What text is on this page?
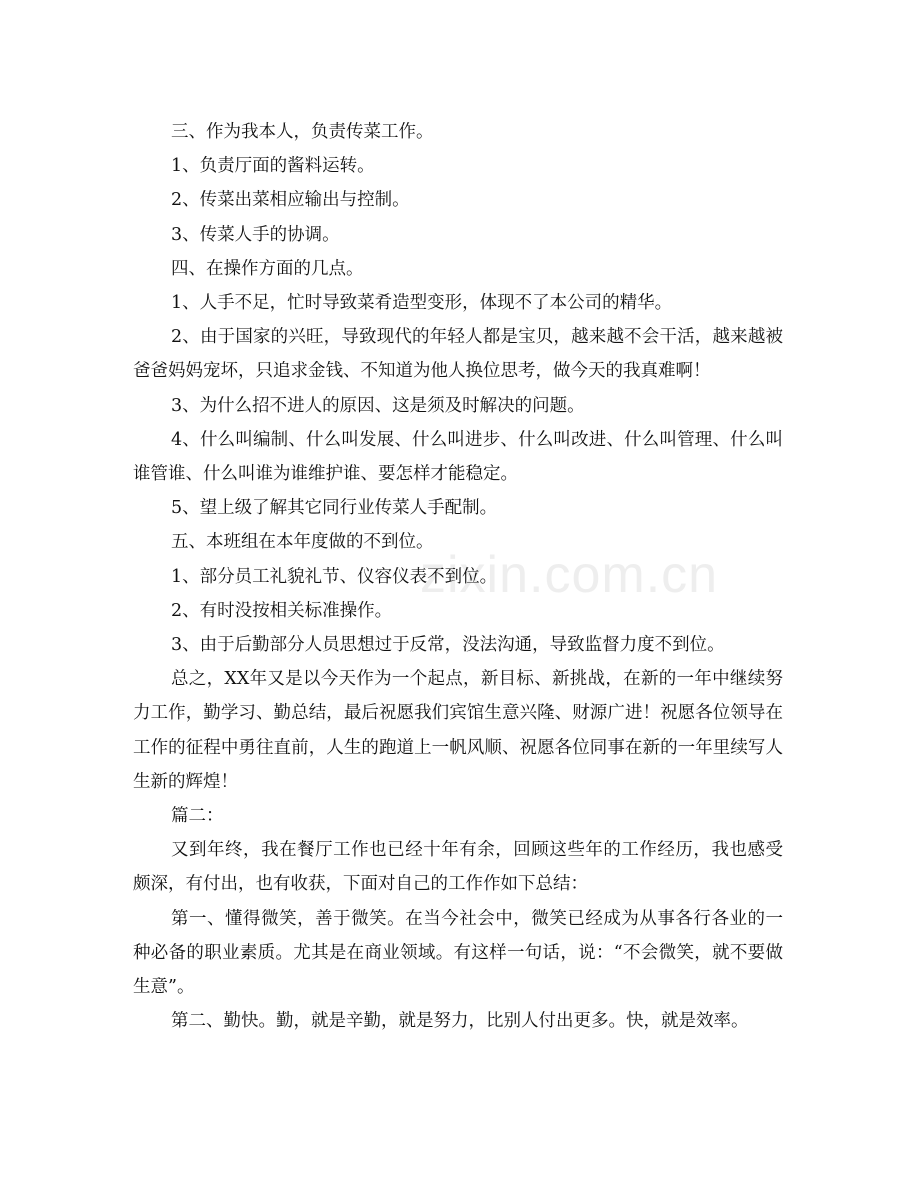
zixin.com.cn

三、作为我本人，负责传菜工作。

1、负责厅面的酱料运转。

2、传菜出菜相应输出与控制。

3、传菜人手的协调。

四、在操作方面的几点。

1、人手不足，忙时导致菜肴造型变形，体现不了本公司的精华。

2、由于国家的兴旺，导致现代的年轻人都是宝贝，越来越不会干活，越来越被爸爸妈妈宠坏，只追求金钱、不知道为他人换位思考，做今天的我真难啊！

3、为什么招不进人的原因、这是须及时解决的问题。

4、什么叫编制、什么叫发展、什么叫进步、什么叫改进、什么叫管理、什么叫谁管谁、什么叫谁为谁维护谁、要怎样才能稳定。

5、望上级了解其它同行业传菜人手配制。

五、本班组在本年度做的不到位。

1、部分员工礼貌礼节、仪容仪表不到位。

2、有时没按相关标准操作。

3、由于后勤部分人员思想过于反常，没法沟通，导致监督力度不到位。

总之，XX年又是以今天作为一个起点，新目标、新挑战，在新的一年中继续努力工作，勤学习、勤总结，最后祝愿我们宾馆生意兴隆、财源广进！祝愿各位领导在工作的征程中勇往直前，人生的跑道上一帆风顺、祝愿各位同事在新的一年里续写人生新的辉煌！

篇二：

又到年终，我在餐厅工作也已经十年有余，回顾这些年的工作经历，我也感受颇深，有付出，也有收获，下面对自己的工作作如下总结：

第一、懂得微笑，善于微笑。在当今社会中，微笑已经成为从事各行各业的一种必备的职业素质。尤其是在商业领域。有这样一句话，说：“不会微笑，就不要做生意”。

第二、勤快。勤，就是辛勤，就是努力，比别人付出更多。快，就是效率。
